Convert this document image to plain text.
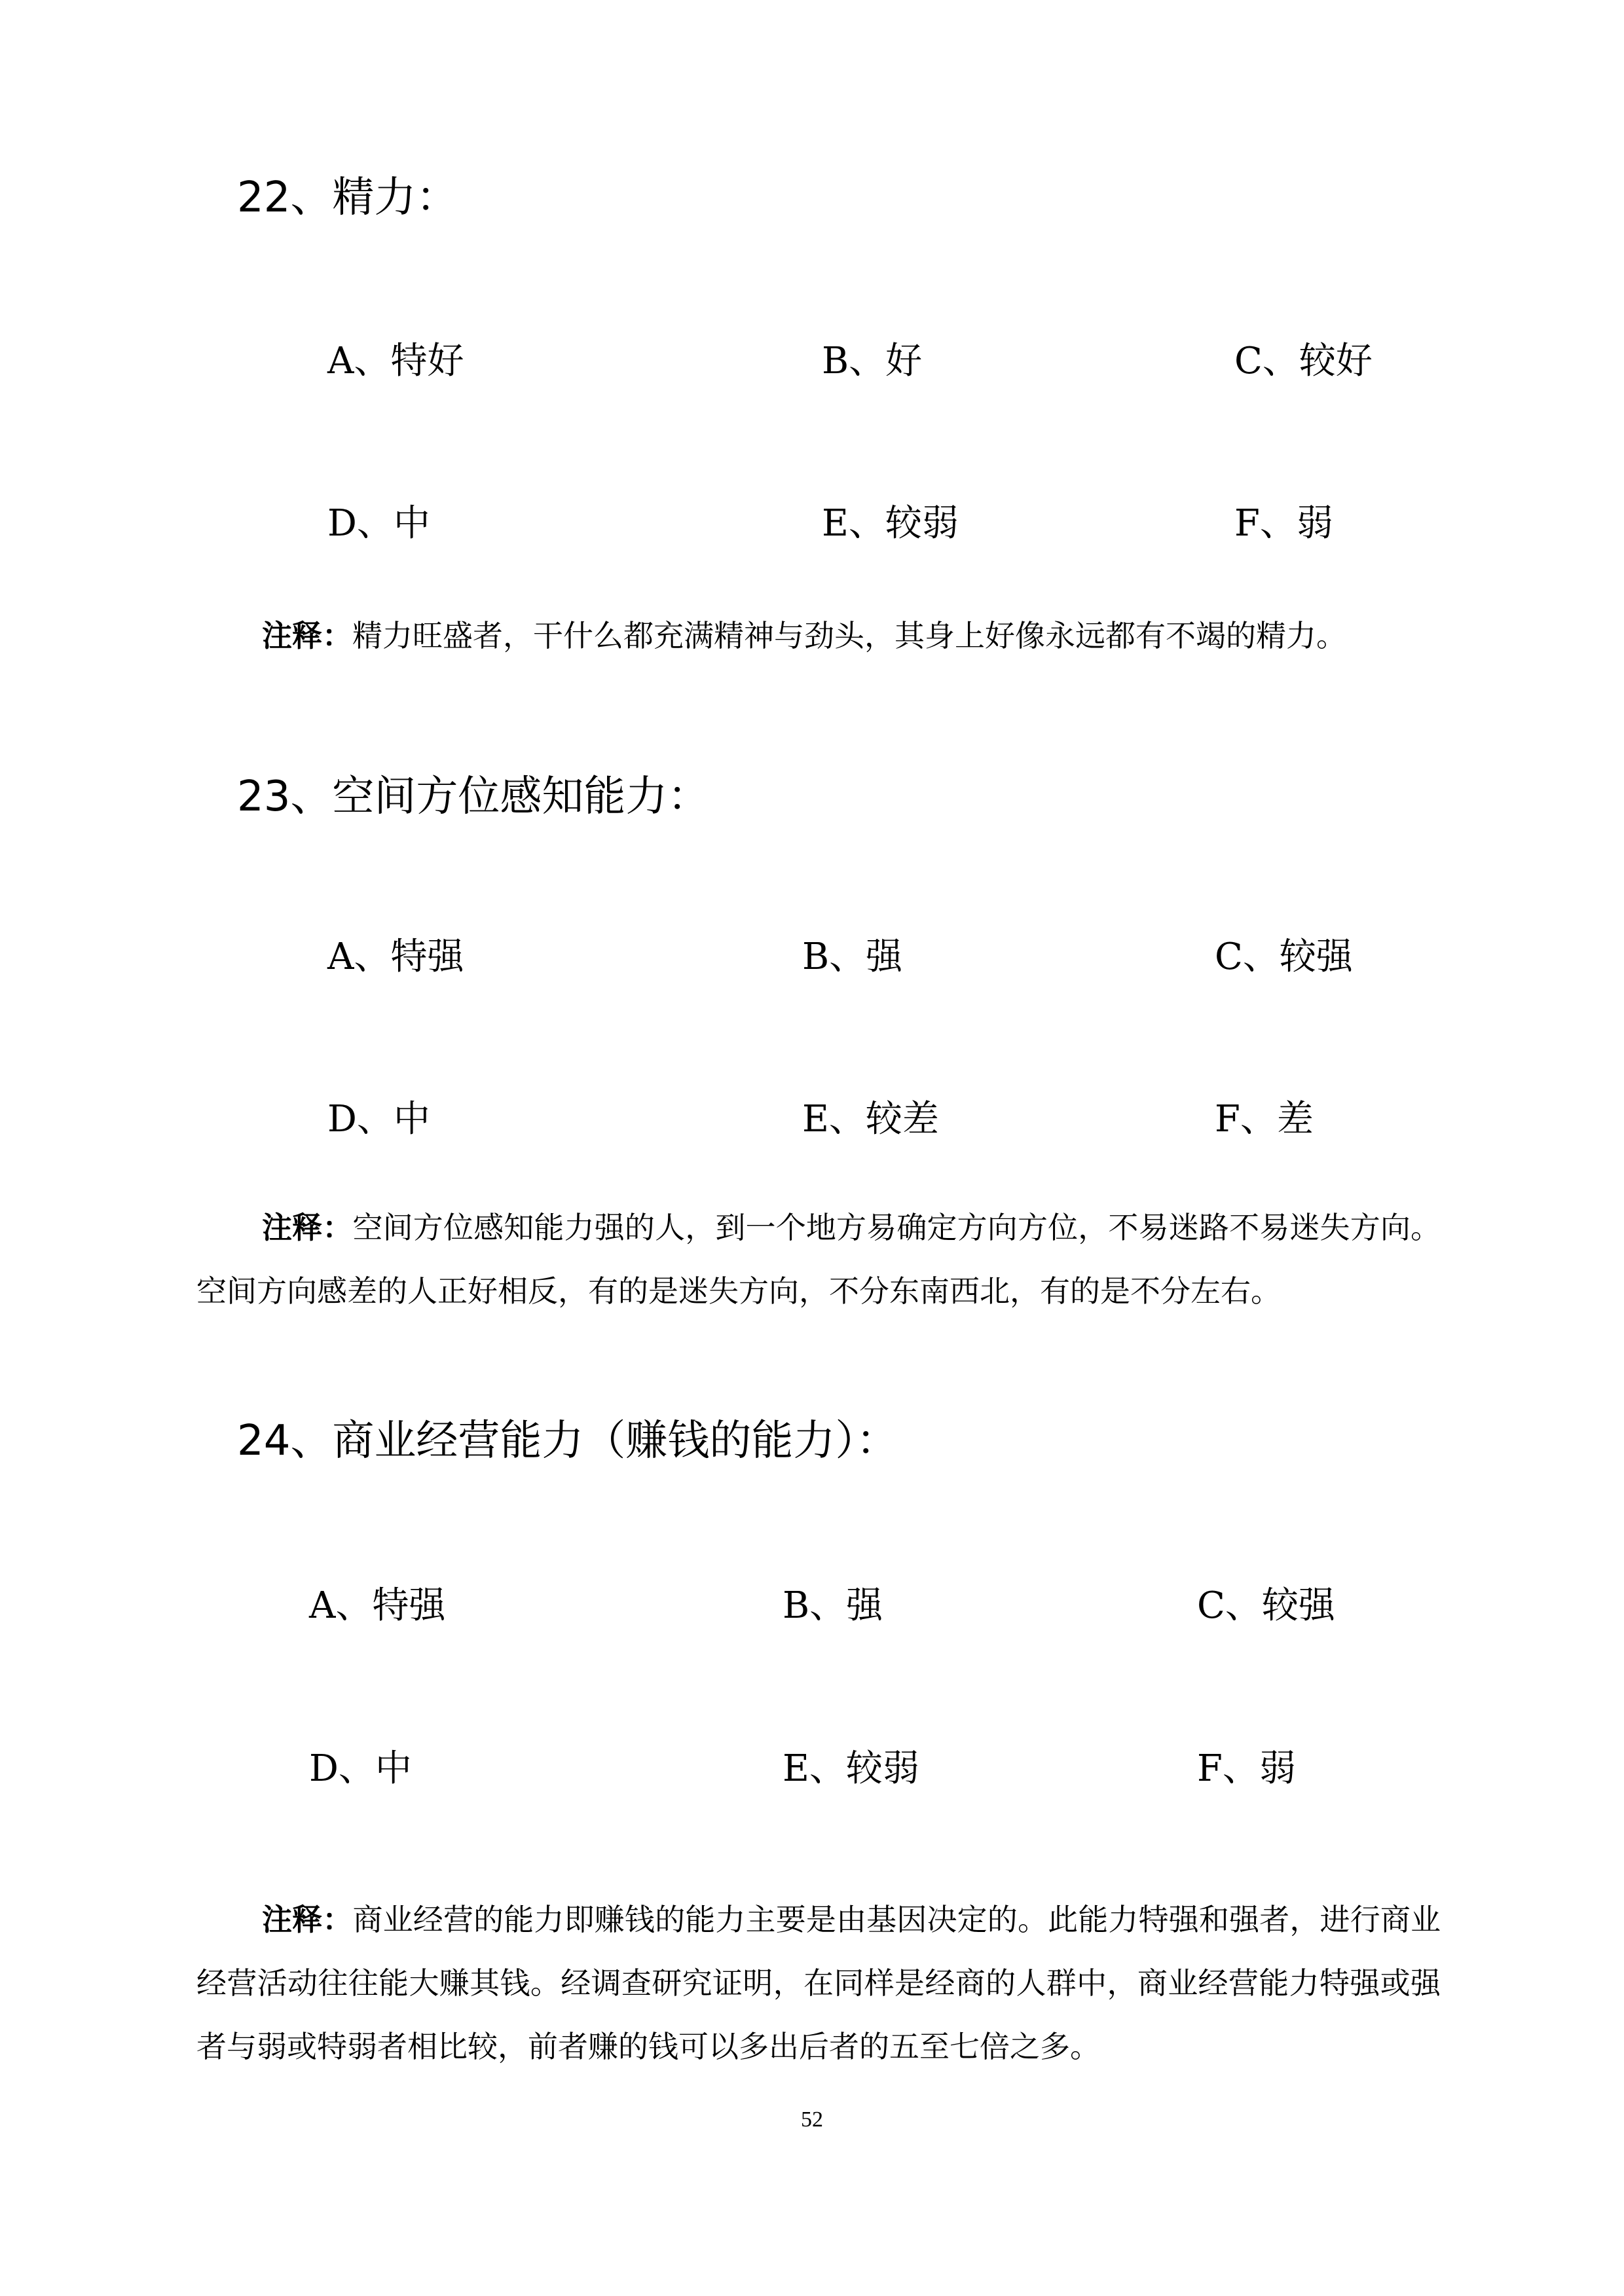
22、精力：
A、特好	B、好	C、较好
D、中	E、较弱	F、弱
注释：精力旺盛者，干什么都充满精神与劲头，其身上好像永远都有不竭的精力。
23、空间方位感知能力：
A、特强	B、强	C、较强
D、中	E、较差	F、差
注释：空间方位感知能力强的人，到一个地方易确定方向方位，不易迷路不易迷失方向。空间方向感差的人正好相反，有的是迷失方向，不分东南西北，有的是不分左右。
24、商业经营能力（赚钱的能力）：
A、特强	B、强	C、较强
D、中	E、较弱	F、弱
注释：商业经营的能力即赚钱的能力主要是由基因决定的。此能力特强和强者，进行商业经营活动往往能大赚其钱。经调查研究证明，在同样是经商的人群中，商业经营能力特强或强者与弱或特弱者相比较，前者赚的钱可以多出后者的五至七倍之多。
52
